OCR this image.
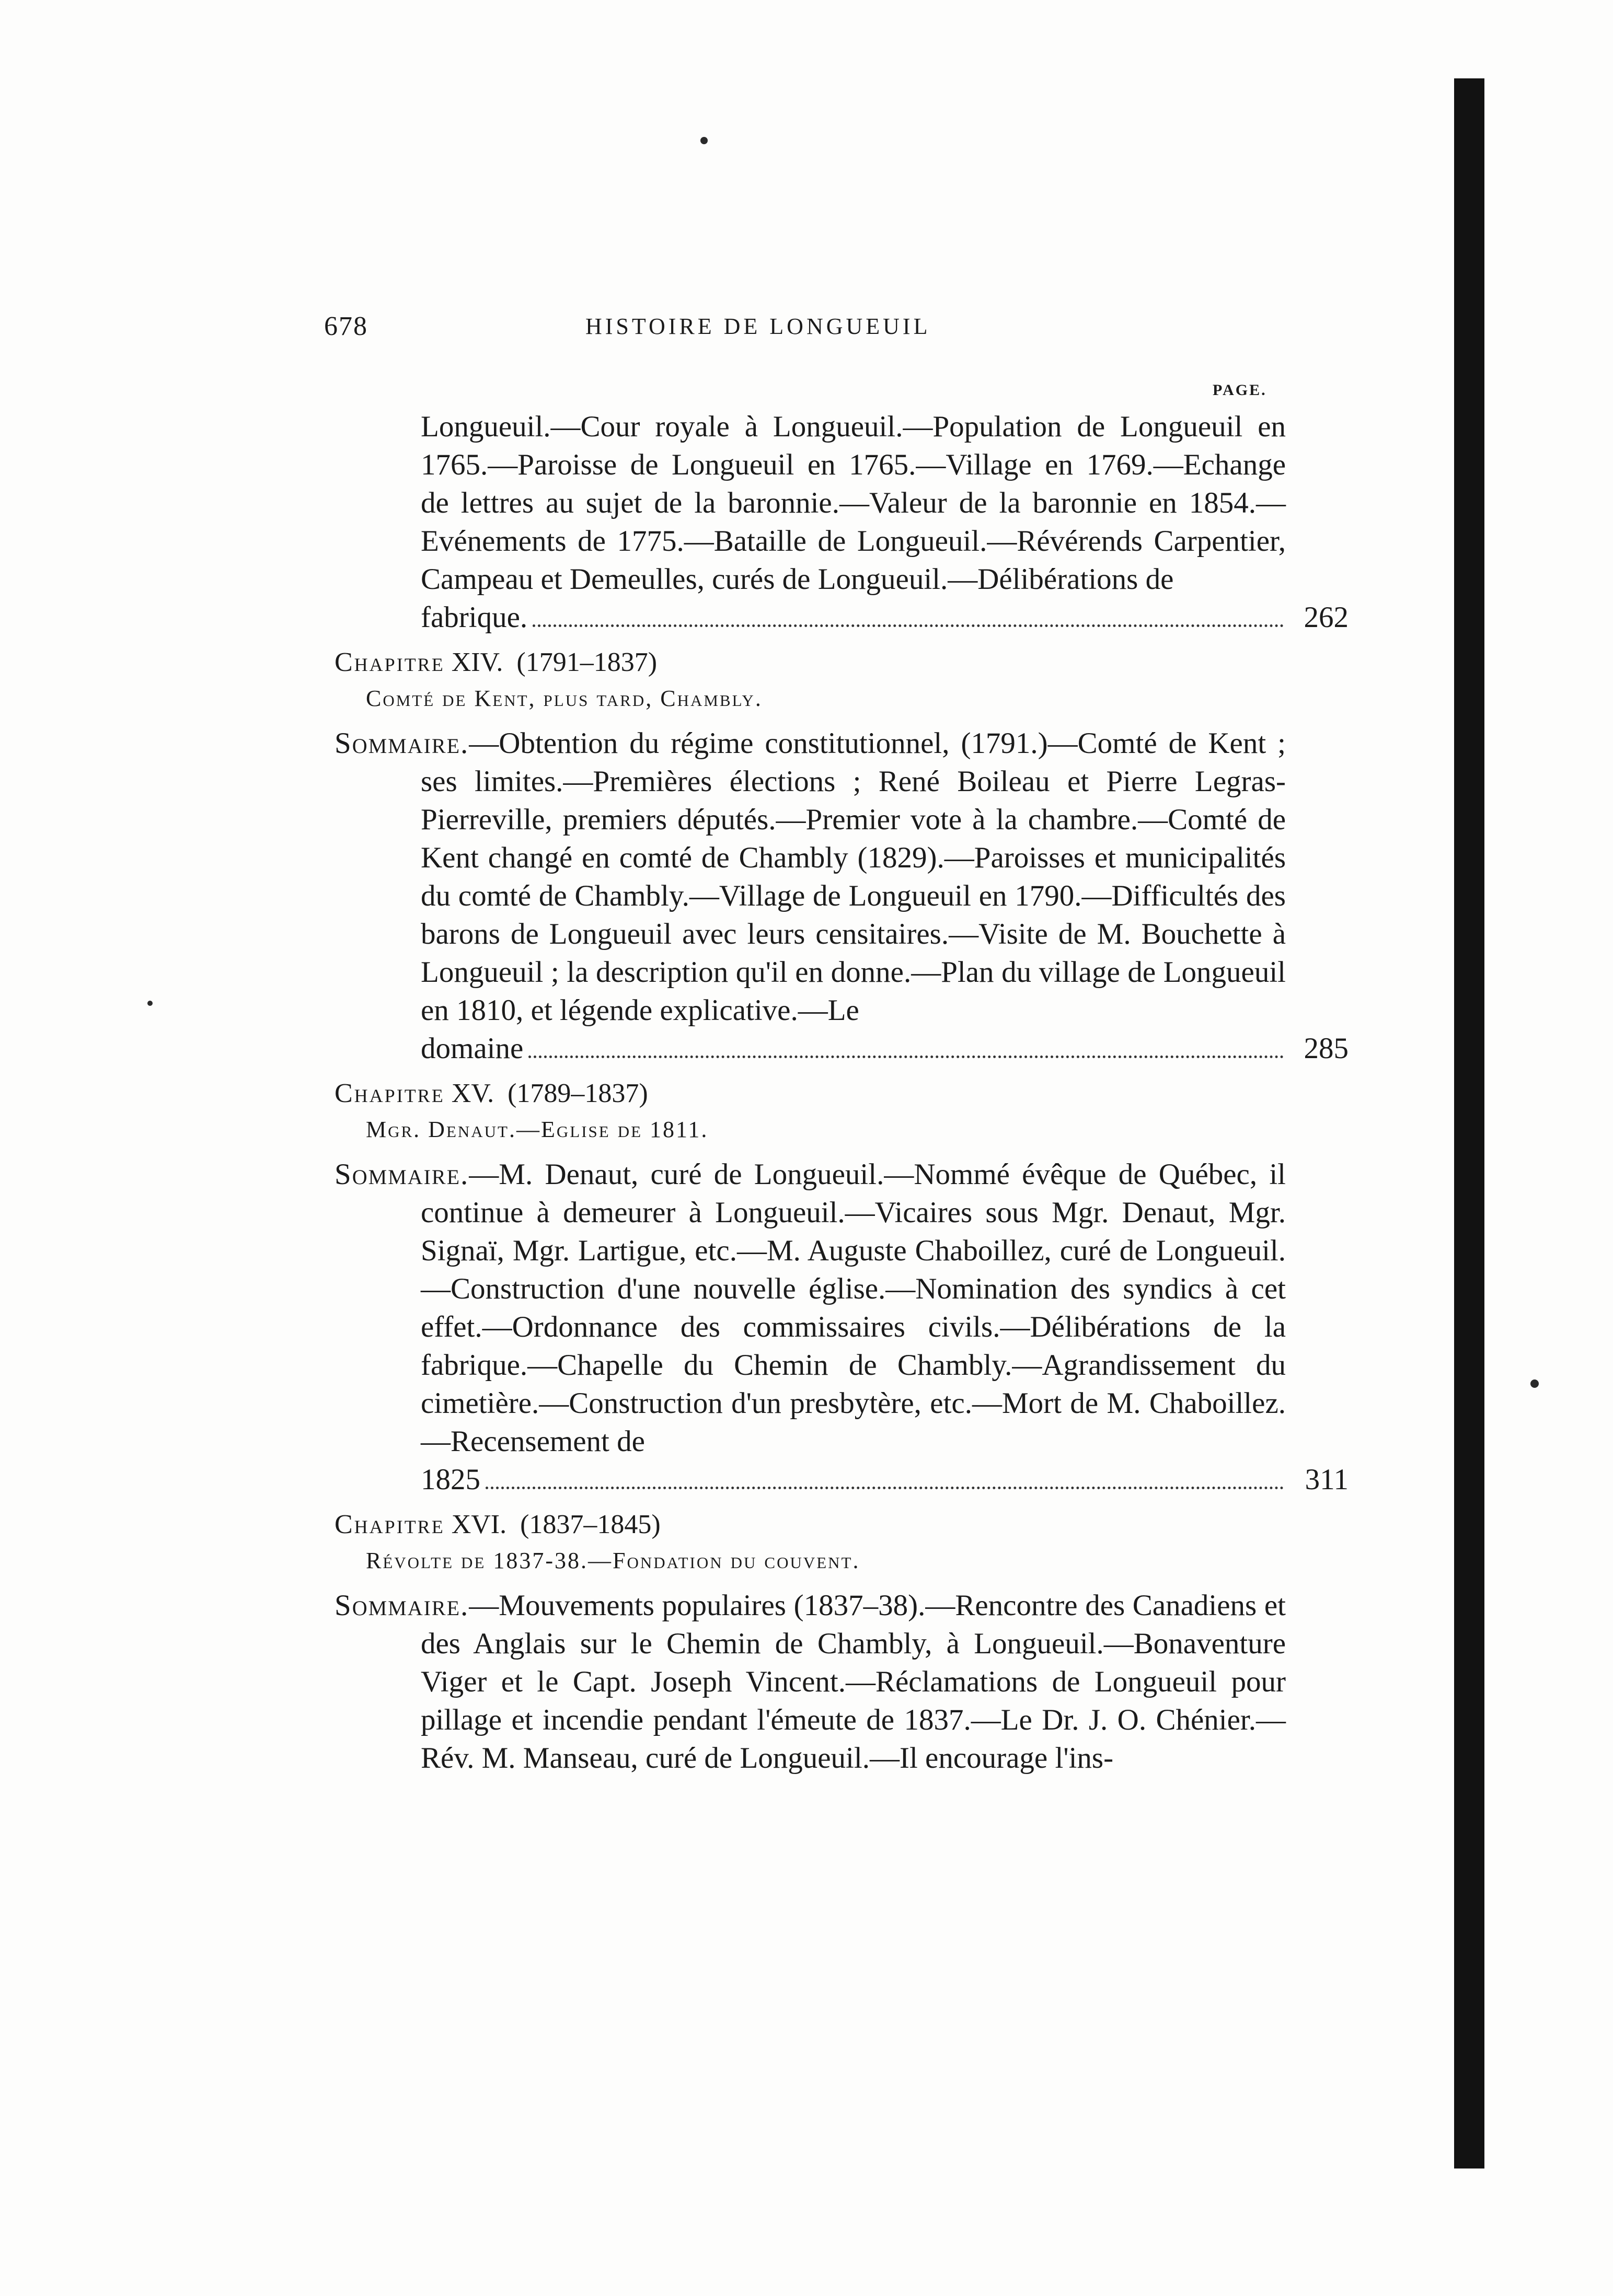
678	HISTOIRE DE LONGUEUIL
PAGE.
Longueuil.—Cour royale à Longueuil.—Population de Longueuil en 1765.—Paroisse de Longueuil en 1765.—Village en 1769.—Echange de lettres au sujet de la baronnie.—Valeur de la baronnie en 1854.—Evénements de 1775.—Bataille de Longueuil.—Révérends Carpentier, Campeau et Demeulles, curés de Longueuil.—Délibérations de
fabrique.	262
Chapitre XIV. (1791–1837)
Comté de Kent, plus tard, Chambly.
Sommaire.—Obtention du régime constitutionnel, (1791.)—Comté de Kent ; ses limites.—Premières élections ; René Boileau et Pierre Legras-Pierreville, premiers députés.—Premier vote à la chambre.—Comté de Kent changé en comté de Chambly (1829).—Paroisses et municipalités du comté de Chambly.—Village de Longueuil en 1790.—Difficultés des barons de Longueuil avec leurs censitaires.—Visite de M. Bouchette à Longueuil ; la description qu'il en donne.—Plan du village de Longueuil en 1810, et légende explicative.—Le
domaine	285
Chapitre XV. (1789–1837)
Mgr. Denaut.—Eglise de 1811.
Sommaire.—M. Denaut, curé de Longueuil.—Nommé évêque de Québec, il continue à demeurer à Longueuil.—Vicaires sous Mgr. Denaut, Mgr. Signaï, Mgr. Lartigue, etc.—M. Auguste Chaboillez, curé de Longueuil.—Construction d'une nouvelle église.—Nomination des syndics à cet effet.—Ordonnance des commissaires civils.—Délibérations de la fabrique.—Chapelle du Chemin de Chambly.—Agrandissement du cimetière.—Construction d'un presbytère, etc.—Mort de M. Chaboillez.—Recensement de
1825	311
Chapitre XVI. (1837–1845)
Révolte de 1837-38.—Fondation du couvent.
Sommaire.—Mouvements populaires (1837–38).—Rencontre des Canadiens et des Anglais sur le Chemin de Chambly, à Longueuil.—Bonaventure Viger et le Capt. Joseph Vincent.—Réclamations de Longueuil pour pillage et incendie pendant l'émeute de 1837.—Le Dr. J. O. Chénier.—Rév. M. Manseau, curé de Longueuil.—Il encourage l'ins-
